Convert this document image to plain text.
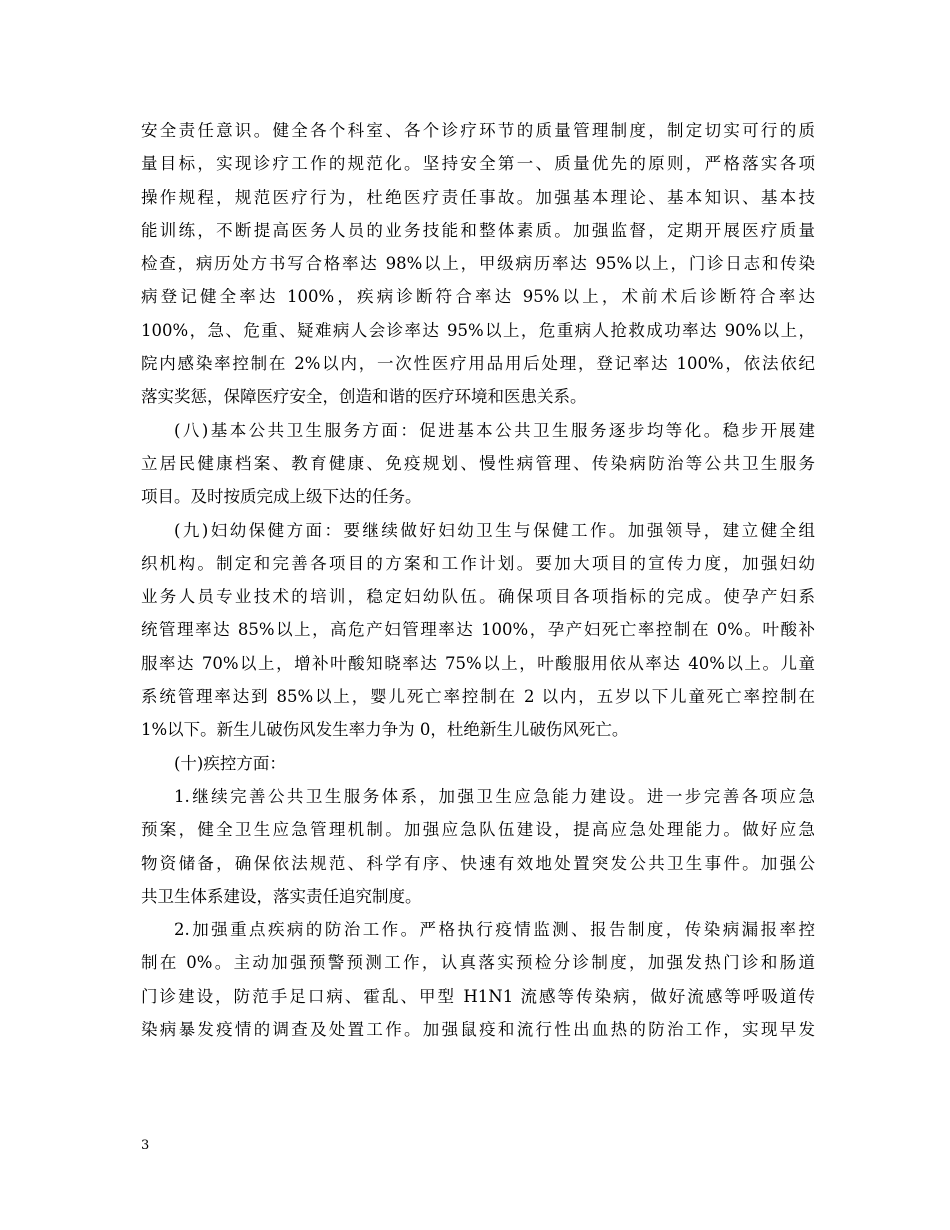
安全责任意识。健全各个科室、各个诊疗环节的质量管理制度，制定切实可行的质
量目标，实现诊疗工作的规范化。坚持安全第一、质量优先的原则，严格落实各项
操作规程，规范医疗行为，杜绝医疗责任事故。加强基本理论、基本知识、基本技
能训练，不断提高医务人员的业务技能和整体素质。加强监督，定期开展医疗质量
检查，病历处方书写合格率达 98%以上，甲级病历率达 95%以上，门诊日志和传染
病登记健全率达 100%，疾病诊断符合率达 95%以上，术前术后诊断符合率达
100%，急、危重、疑难病人会诊率达 95%以上，危重病人抢救成功率达 90%以上，
院内感染率控制在 2%以内，一次性医疗用品用后处理，登记率达 100%，依法依纪
落实奖惩，保障医疗安全，创造和谐的医疗环境和医患关系。
(八)基本公共卫生服务方面：促进基本公共卫生服务逐步均等化。稳步开展建
立居民健康档案、教育健康、免疫规划、慢性病管理、传染病防治等公共卫生服务
项目。及时按质完成上级下达的任务。
(九)妇幼保健方面：要继续做好妇幼卫生与保健工作。加强领导，建立健全组
织机构。制定和完善各项目的方案和工作计划。要加大项目的宣传力度，加强妇幼
业务人员专业技术的培训，稳定妇幼队伍。确保项目各项指标的完成。使孕产妇系
统管理率达 85%以上，高危产妇管理率达 100%，孕产妇死亡率控制在 0%。叶酸补
服率达 70%以上，增补叶酸知晓率达 75%以上，叶酸服用依从率达 40%以上。儿童
系统管理率达到 85%以上，婴儿死亡率控制在 2 以内，五岁以下儿童死亡率控制在
1%以下。新生儿破伤风发生率力争为 0，杜绝新生儿破伤风死亡。
(十)疾控方面：
1.继续完善公共卫生服务体系，加强卫生应急能力建设。进一步完善各项应急
预案，健全卫生应急管理机制。加强应急队伍建设，提高应急处理能力。做好应急
物资储备，确保依法规范、科学有序、快速有效地处置突发公共卫生事件。加强公
共卫生体系建设，落实责任追究制度。
2.加强重点疾病的防治工作。严格执行疫情监测、报告制度，传染病漏报率控
制在 0%。主动加强预警预测工作，认真落实预检分诊制度，加强发热门诊和肠道
门诊建设，防范手足口病、霍乱、甲型 H1N1 流感等传染病，做好流感等呼吸道传
染病暴发疫情的调查及处置工作。加强鼠疫和流行性出血热的防治工作，实现早发
3
